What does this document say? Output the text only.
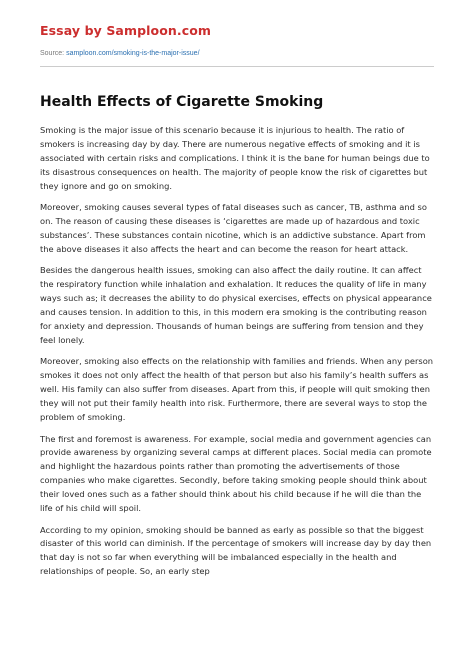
Essay by Samploon.com
Source: samploon.com/smoking-is-the-major-issue/
Health Effects of Cigarette Smoking

Smoking is the major issue of this scenario because it is injurious to health. The ratio of smokers is increasing day by day. There are numerous negative effects of smoking and it is associated with certain risks and complications. I think it is the bane for human beings due to its disastrous consequences on health. The majority of people know the risk of cigarettes but they ignore and go on smoking.

Moreover, smoking causes several types of fatal diseases such as cancer, TB, asthma and so on. The reason of causing these diseases is ‘cigarettes are made up of hazardous and toxic substances’. These substances contain nicotine, which is an addictive substance. Apart from the above diseases it also affects the heart and can become the reason for heart attack.

Besides the dangerous health issues, smoking can also affect the daily routine. It can affect the respiratory function while inhalation and exhalation. It reduces the quality of life in many ways such as; it decreases the ability to do physical exercises, effects on physical appearance and causes tension. In addition to this, in this modern era smoking is the contributing reason for anxiety and depression. Thousands of human beings are suffering from tension and they feel lonely.

Moreover, smoking also effects on the relationship with families and friends. When any person smokes it does not only affect the health of that person but also his family’s health suffers as well. His family can also suffer from diseases. Apart from this, if people will quit smoking then they will not put their family health into risk. Furthermore, there are several ways to stop the problem of smoking.

The first and foremost is awareness. For example, social media and government agencies can provide awareness by organizing several camps at different places. Social media can promote and highlight the hazardous points rather than promoting the advertisements of those companies who make cigarettes. Secondly, before taking smoking people should think about their loved ones such as a father should think about his child because if he will die than the life of his child will spoil.

According to my opinion, smoking should be banned as early as possible so that the biggest disaster of this world can diminish. If the percentage of smokers will increase day by day then that day is not so far when everything will be imbalanced especially in the health and relationships of people. So, an early step
